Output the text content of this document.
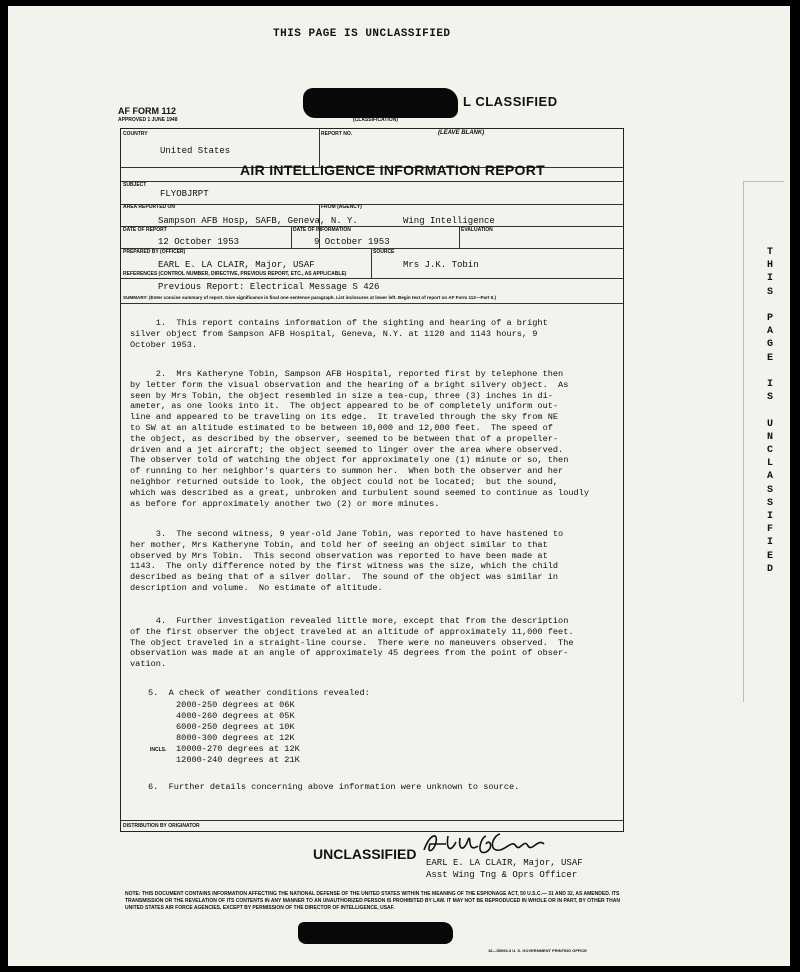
THIS PAGE IS UNCLASSIFIED
AF FORM 112
APPROVED 1 JUNE 1948
L CLASSIFIED
(CLASSIFICATION)
COUNTRY	REPORT NO.	(LEAVE BLANK)
United States
AIR INTELLIGENCE INFORMATION REPORT
SUBJECT
FLYOBJRPT
AREA REPORTED ON	FROM (AGENCY)
Sampson AFB Hosp, SAFB, Geneva, N. Y.	Wing Intelligence
DATE OF REPORT	DATE OF INFORMATION	EVALUATION
12 October 1953	9 October 1953
PREPARED BY (OFFICER)	SOURCE
EARL E. LA CLAIR, Major, USAF	Mrs J.K. Tobin
REFERENCES (CONTROL NUMBER, DIRECTIVE, PREVIOUS REPORT, ETC., AS APPLICABLE)
Previous Report: Electrical Message S 426
SUMMARY: (Enter concise summary of report. Give significance in final one-sentence paragraph. List inclosures at lower left. Begin text of report on AF Form 112—Part II.)
1.  This report contains information of the sighting and hearing of a bright
silver object from Sampson AFB Hospital, Geneva, N.Y. at 1120 and 1143 hours, 9
October 1953.
2.  Mrs Katheryne Tobin, Sampson AFB Hospital, reported first by telephone then
by letter form the visual observation and the hearing of a bright silvery object.  As
seen by Mrs Tobin, the object resembled in size a tea-cup, three (3) inches in di-
ameter, as one looks into it.  The object appeared to be of completely uniform out-
line and appeared to be traveling on its edge.  It traveled through the sky from NE
to SW at an altitude estimated to be between 10,000 and 12,000 feet.  The speed of
the object, as described by the observer, seemed to be between that of a propeller-
driven and a jet aircraft; the object seemed to linger over the area where observed.
The observer told of watching the object for approximately one (1) minute or so, then
of running to her neighbor's quarters to summon her.  When both the observer and her
neighbor returned outside to look, the object could not be located;  but the sound,
which was described as a great, unbroken and turbulent sound seemed to continue as loudly
as before for approximately another two (2) or more minutes.
3.  The second witness, 9 year-old Jane Tobin, was reported to have hastened to
her mother, Mrs Katheryne Tobin, and told her of seeing an object similar to that
observed by Mrs Tobin.  This second observation was reported to have been made at
1143.  The only difference noted by the first witness was the size, which the child
described as being that of a silver dollar.  The sound of the object was similar in
description and volume.  No estimate of altitude.
4.  Further investigation revealed little more, except that from the description
of the first observer the object traveled at an altitude of approximately 11,000 feet.
The object traveled in a straight-line course.  There were no maneuvers observed.  The
observation was made at an angle of approximately 45 degrees from the point of obser-
vation.
5.  A check of weather conditions revealed:
2000-250 degrees at 06K
4000-260 degrees at 05K
6000-250 degrees at 10K
8000-300 degrees at 12K
INCLS. 10000-270 degrees at 12K
12000-240 degrees at 21K
6.  Further details concerning above information were unknown to source.
DISTRIBUTION BY ORIGINATOR
UNCLASSIFIED
EARL E. LA CLAIR, Major, USAF
Asst Wing Tng & Oprs Officer
NOTE: THIS DOCUMENT CONTAINS INFORMATION AFFECTING THE NATIONAL DEFENSE OF THE UNITED STATES WITHIN THE MEANING OF THE ESPIONAGE ACT, 50 U.S.C.— 31 AND 32, AS AMENDED. ITS TRANSMISSION OR THE REVELATION OF ITS CONTENTS IN ANY MANNER TO AN UNAUTHORIZED PERSON IS PROHIBITED BY LAW. IT MAY NOT BE REPRODUCED IN WHOLE OR IN PART, BY OTHER THAN UNITED STATES AIR FORCE AGENCIES, EXCEPT BY PERMISSION OF THE DIRECTOR OF INTELLIGENCE, USAF.
16—55093-3 U. S. GOVERNMENT PRINTING OFFICE
T
H
I
S

P
A
G
E

I
S

U
N
C
L
A
S
S
I
F
I
E
D
